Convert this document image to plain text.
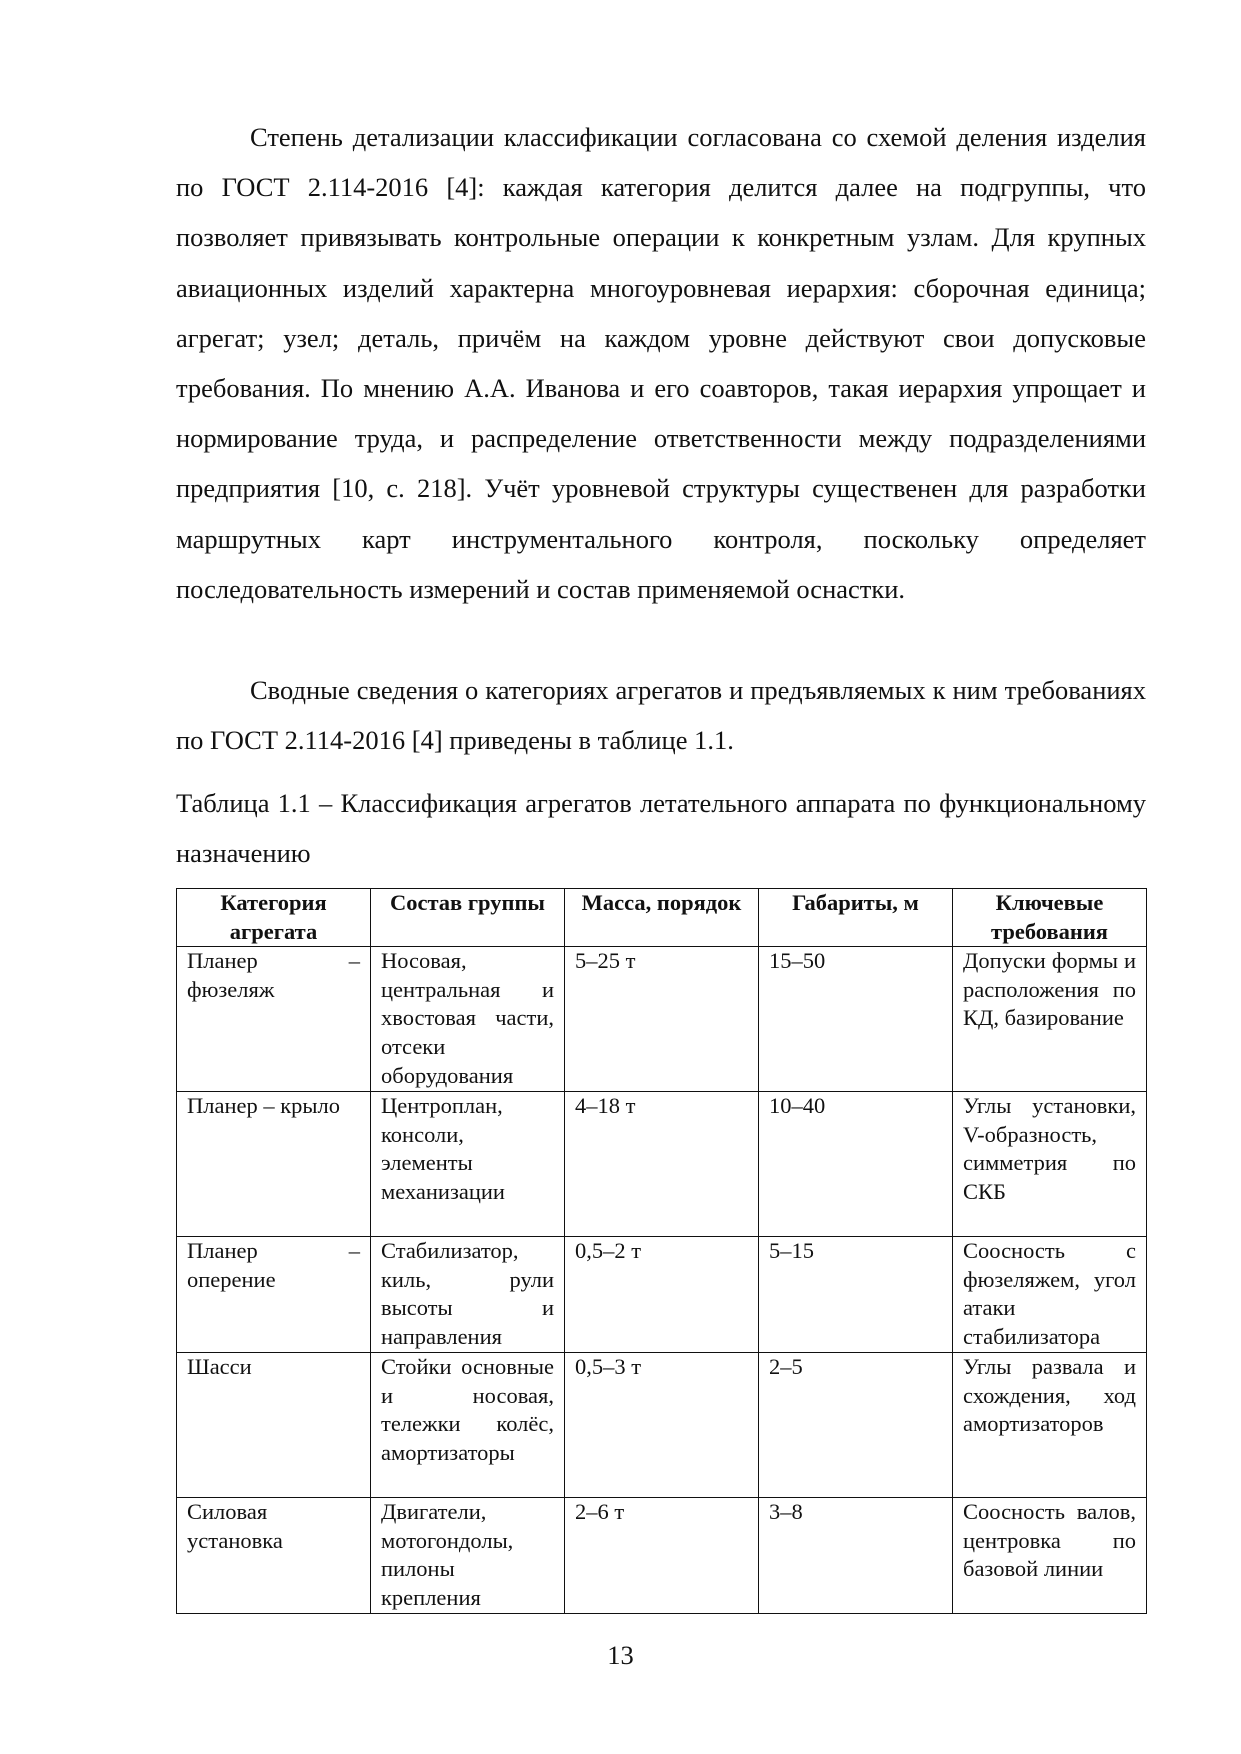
Степень детализации классификации согласована со схемой деления изделия по ГОСТ 2.114-2016 [4]: каждая категория делится далее на подгруппы, что позволяет привязывать контрольные операции к конкретным узлам. Для крупных авиационных изделий характерна многоуровневая иерархия: сборочная единица; агрегат; узел; деталь, причём на каждом уровне действуют свои допусковые требования. По мнению А.А. Иванова и его соавторов, такая иерархия упрощает и нормирование труда, и распределение ответственности между подразделениями предприятия [10, с. 218]. Учёт уровневой структуры существенен для разработки маршрутных карт инструментального контроля, поскольку определяет последовательность измерений и состав применяемой оснастки.

Сводные сведения о категориях агрегатов и предъявляемых к ним требованиях по ГОСТ 2.114-2016 [4] приведены в таблице 1.1.

Таблица 1.1 – Классификация агрегатов летательного аппарата по функциональному назначению

Категория агрегата	Состав группы	Масса, порядок	Габариты, м	Ключевые требования
Планер – фюзеляж	Носовая, центральная и хвостовая части, отсеки оборудования	5–25 т	15–50	Допуски формы и расположения по КД, базирование
Планер – крыло	Центроплан, консоли, элементы механизации	4–18 т	10–40	Углы установки, V-образность, симметрия по СКБ
Планер – оперение	Стабилизатор, киль, рули высоты и направления	0,5–2 т	5–15	Соосность с фюзеляжем, угол атаки стабилизатора
Шасси	Стойки основные и носовая, тележки колёс, амортизаторы	0,5–3 т	2–5	Углы развала и схождения, ход амортизаторов
Силовая установка	Двигатели, мотогондолы, пилоны крепления	2–6 т	3–8	Соосность валов, центровка по базовой линии
13
